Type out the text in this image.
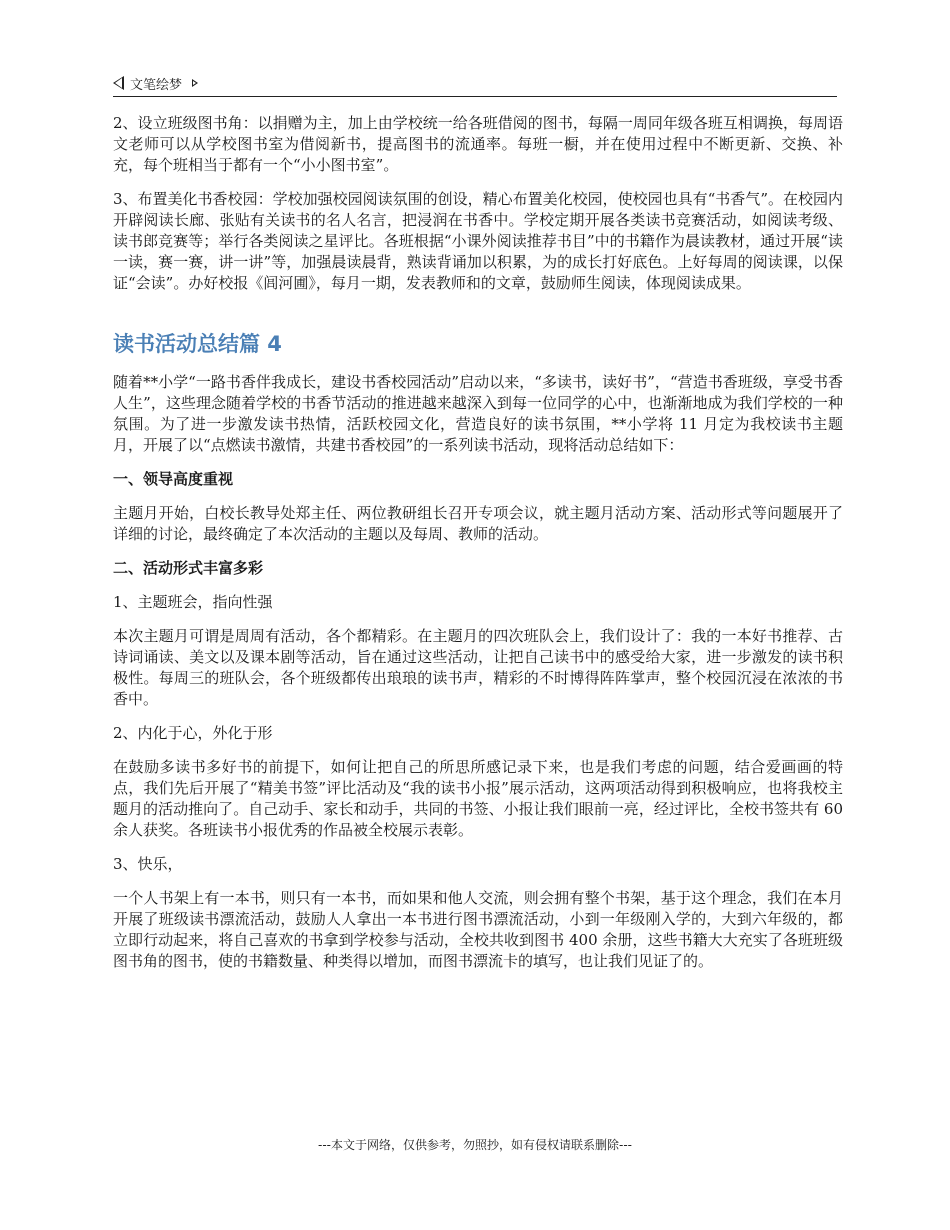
文笔绘梦

2、设立班级图书角：以捐赠为主，加上由学校统一给各班借阅的图书，每隔一周同年级各班互相调换，每周语文老师可以从学校图书室为借阅新书，提高图书的流通率。每班一橱，并在使用过程中不断更新、交换、补充，每个班相当于都有一个“小小图书室”。

3、布置美化书香校园：学校加强校园阅读氛围的创设，精心布置美化校园，使校园也具有“书香气”。在校园内开辟阅读长廊、张贴有关读书的名人名言，把浸润在书香中。学校定期开展各类读书竞赛活动，如阅读考级、读书郎竞赛等；举行各类阅读之星评比。各班根据“小课外阅读推荐书目”中的书籍作为晨读教材，通过开展“读一读，赛一赛，讲一讲”等，加强晨读晨背，熟读背诵加以积累，为的成长打好底色。上好每周的阅读课，以保证“会读”。办好校报《闾河圃》，每月一期，发表教师和的文章，鼓励师生阅读，体现阅读成果。

读书活动总结篇 4

随着**小学“一路书香伴我成长，建设书香校园活动”启动以来，“多读书，读好书”，“营造书香班级，享受书香人生”，这些理念随着学校的书香节活动的推进越来越深入到每一位同学的心中，也渐渐地成为我们学校的一种氛围。为了进一步激发读书热情，活跃校园文化，营造良好的读书氛围，**小学将 11 月定为我校读书主题月，开展了以“点燃读书激情，共建书香校园”的一系列读书活动，现将活动总结如下：

一、领导高度重视

主题月开始，白校长教导处郑主任、两位教研组长召开专项会议，就主题月活动方案、活动形式等问题展开了详细的讨论，最终确定了本次活动的主题以及每周、教师的活动。

二、活动形式丰富多彩

1、主题班会，指向性强

本次主题月可谓是周周有活动，各个都精彩。在主题月的四次班队会上，我们设计了：我的一本好书推荐、古诗词诵读、美文以及课本剧等活动，旨在通过这些活动，让把自己读书中的感受给大家，进一步激发的读书积极性。每周三的班队会，各个班级都传出琅琅的读书声，精彩的不时博得阵阵掌声，整个校园沉浸在浓浓的书香中。

2、内化于心，外化于形

在鼓励多读书多好书的前提下，如何让把自己的所思所感记录下来，也是我们考虑的问题，结合爱画画的特点，我们先后开展了“精美书签”评比活动及“我的读书小报”展示活动，这两项活动得到积极响应，也将我校主题月的活动推向了。自己动手、家长和动手，共同的书签、小报让我们眼前一亮，经过评比，全校书签共有 60 余人获奖。各班读书小报优秀的作品被全校展示表彰。

3、快乐，

一个人书架上有一本书，则只有一本书，而如果和他人交流，则会拥有整个书架，基于这个理念，我们在本月开展了班级读书漂流活动，鼓励人人拿出一本书进行图书漂流活动，小到一年级刚入学的，大到六年级的，都立即行动起来，将自己喜欢的书拿到学校参与活动，全校共收到图书 400 余册，这些书籍大大充实了各班班级图书角的图书，使的书籍数量、种类得以增加，而图书漂流卡的填写，也让我们见证了的。

---本文于网络，仅供参考，勿照抄，如有侵权请联系删除---
